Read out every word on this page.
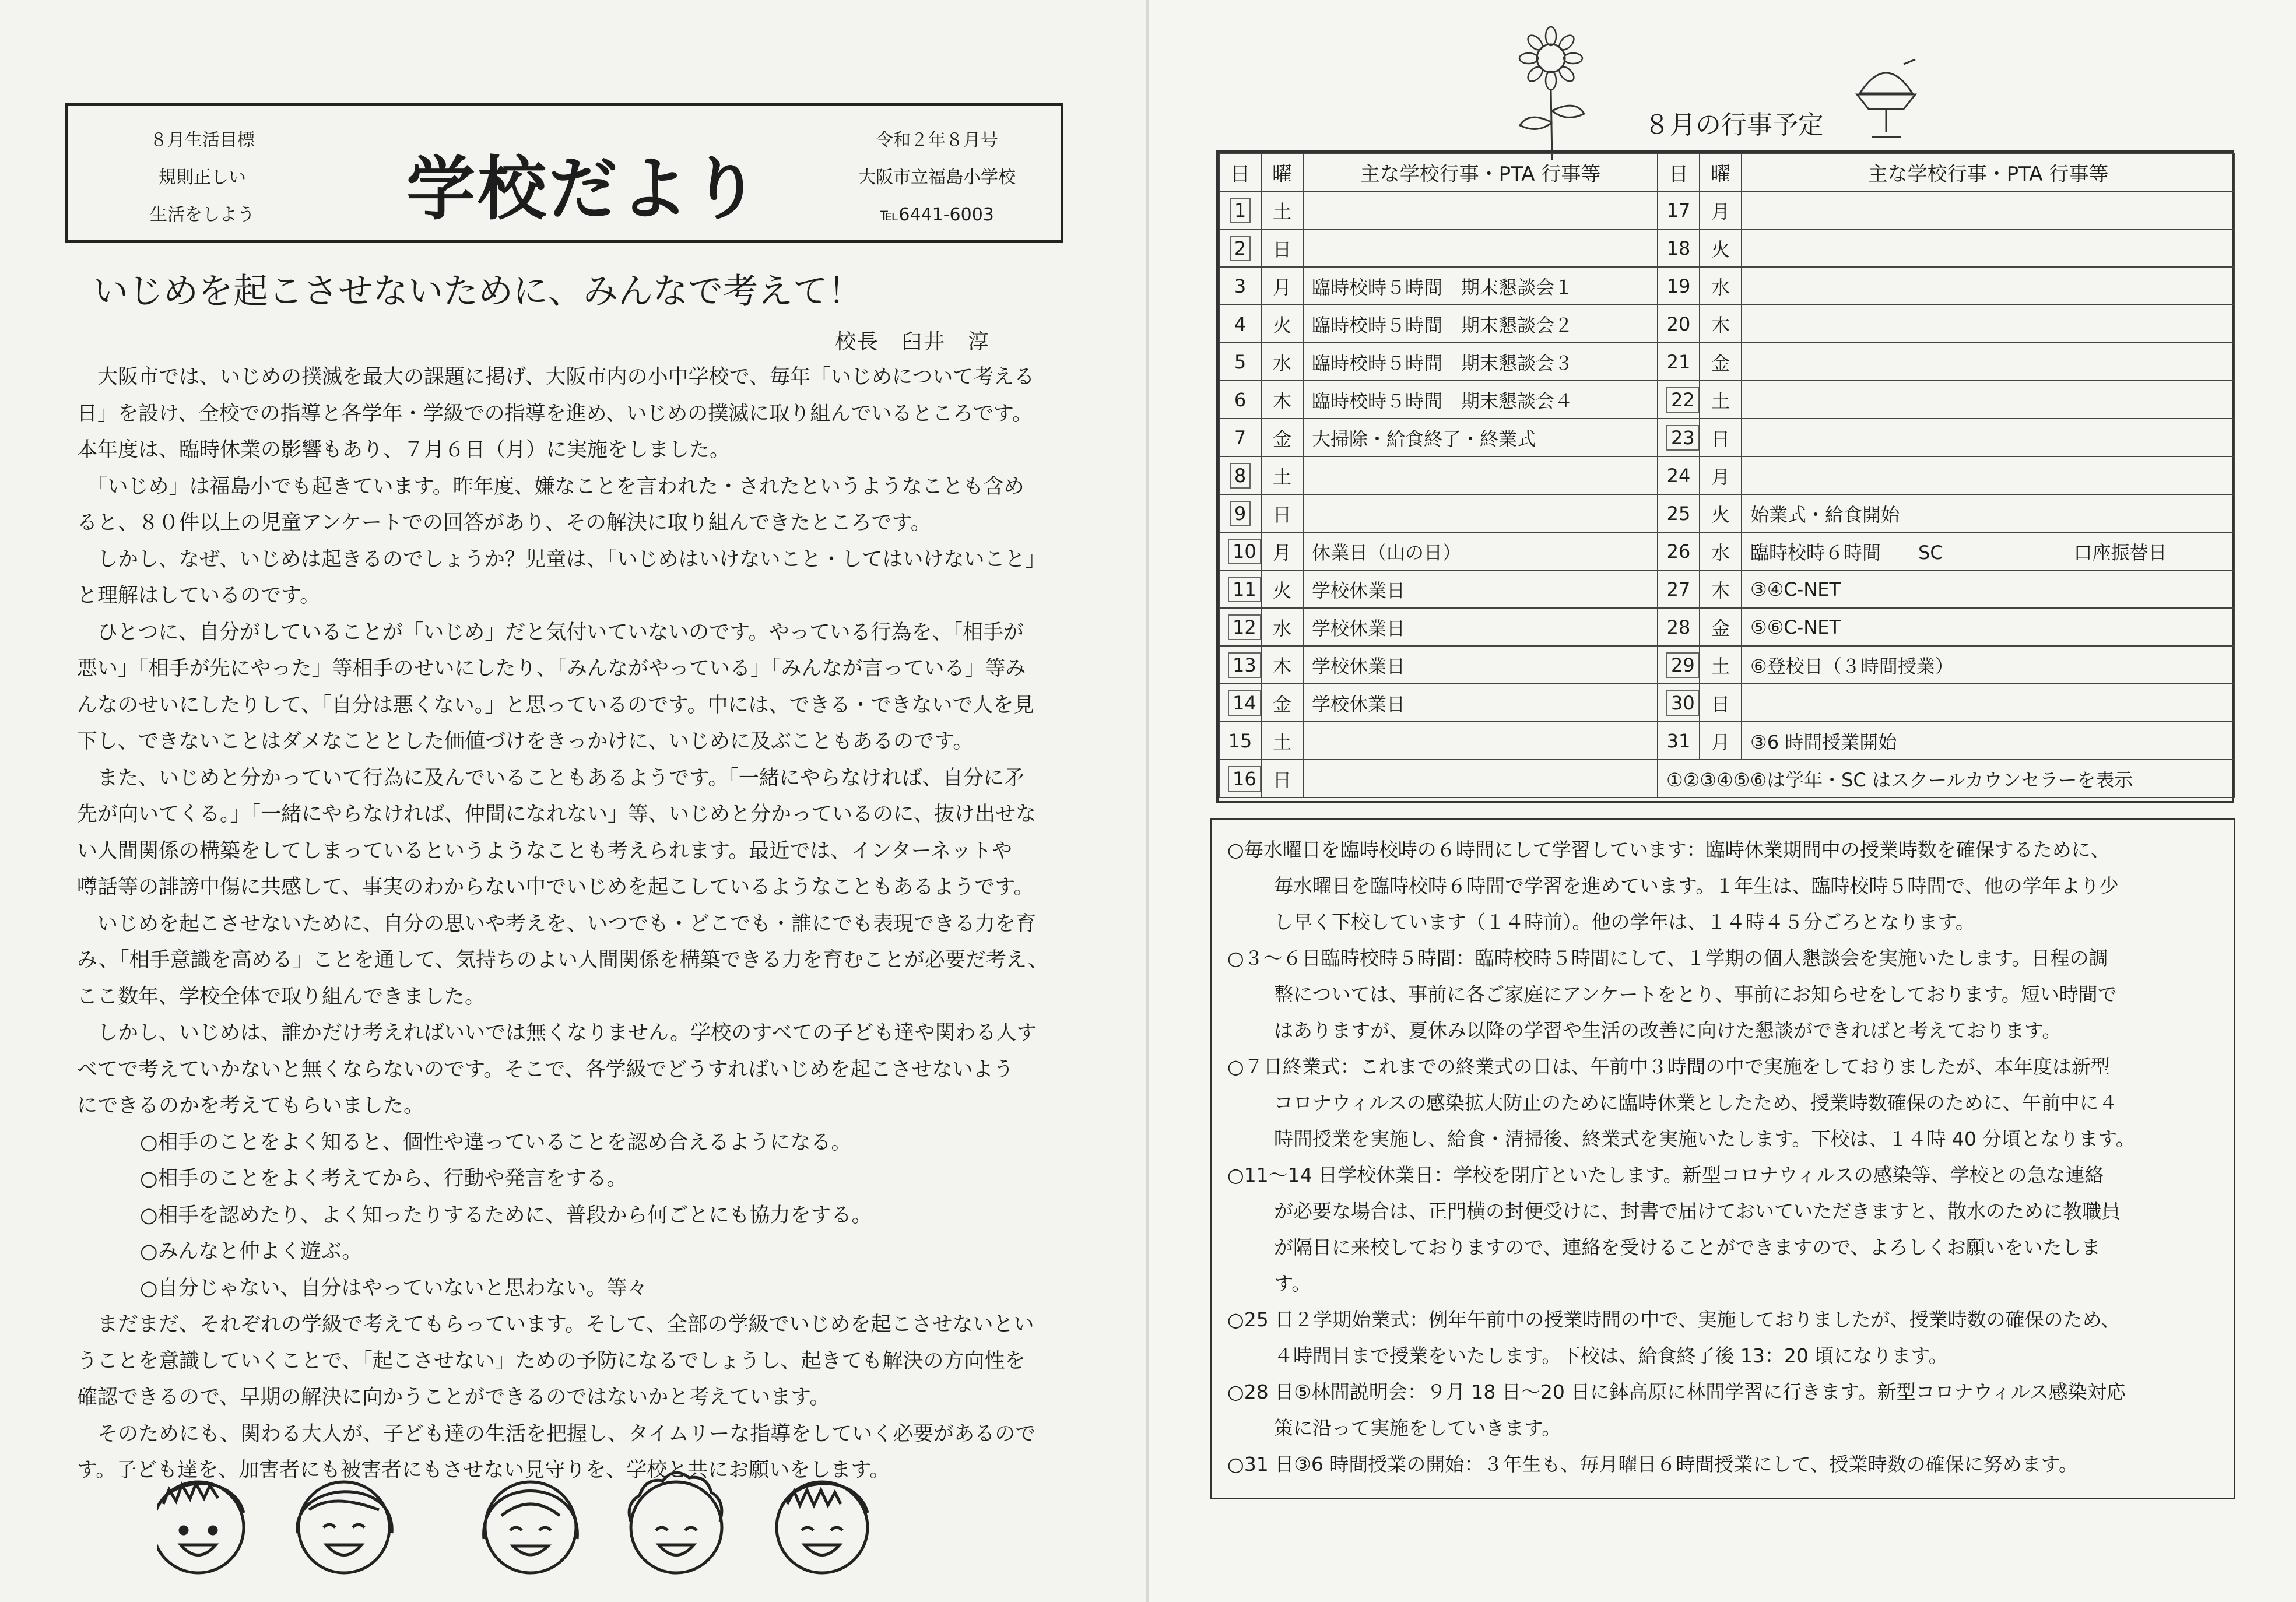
８月生活目標
規則正しい
生活をしよう	学校だより
令和２年８月号
大阪市立福島小学校
℡6441-6003
いじめを起こさせないために、みんなで考えて！
校長　臼井　淳
　大阪市では、いじめの撲滅を最大の課題に掲げ、大阪市内の小中学校で、毎年「いじめについて考える
日」を設け、全校での指導と各学年・学級での指導を進め、いじめの撲滅に取り組んでいるところです。
本年度は、臨時休業の影響もあり、７月６日（月）に実施をしました。
　「いじめ」は福島小でも起きています。昨年度、嫌なことを言われた・されたというようなことも含め
ると、８０件以上の児童アンケートでの回答があり、その解決に取り組んできたところです。
　しかし、なぜ、いじめは起きるのでしょうか？児童は、「いじめはいけないこと・してはいけないこと」
と理解はしているのです。
　ひとつに、自分がしていることが「いじめ」だと気付いていないのです。やっている行為を、「相手が
悪い」「相手が先にやった」等相手のせいにしたり、「みんながやっている」「みんなが言っている」等み
んなのせいにしたりして、「自分は悪くない。」と思っているのです。中には、できる・できないで人を見
下し、できないことはダメなこととした価値づけをきっかけに、いじめに及ぶこともあるのです。
　また、いじめと分かっていて行為に及んでいることもあるようです。「一緒にやらなければ、自分に矛
先が向いてくる。」「一緒にやらなければ、仲間になれない」等、いじめと分かっているのに、抜け出せな
い人間関係の構築をしてしまっているというようなことも考えられます。最近では、インターネットや
噂話等の誹謗中傷に共感して、事実のわからない中でいじめを起こしているようなこともあるようです。
　いじめを起こさせないために、自分の思いや考えを、いつでも・どこでも・誰にでも表現できる力を育
み、「相手意識を高める」ことを通して、気持ちのよい人間関係を構築できる力を育むことが必要だ考え、
ここ数年、学校全体で取り組んできました。
　しかし、いじめは、誰かだけ考えればいいでは無くなりません。学校のすべての子ども達や関わる人す
べてで考えていかないと無くならないのです。そこで、各学級でどうすればいじめを起こさせないよう
にできるのかを考えてもらいました。
○相手のことをよく知ると、個性や違っていることを認め合えるようになる。
○相手のことをよく考えてから、行動や発言をする。
○相手を認めたり、よく知ったりするために、普段から何ごとにも協力をする。
○みんなと仲よく遊ぶ。
○自分じゃない、自分はやっていないと思わない。等々
　まだまだ、それぞれの学級で考えてもらっています。そして、全部の学級でいじめを起こさせないとい
うことを意識していくことで、「起こさせない」ための予防になるでしょうし、起きても解決の方向性を
確認できるので、早期の解決に向かうことができるのではないかと考えています。
　そのためにも、関わる大人が、子ども達の生活を把握し、タイムリーな指導をしていく必要があるので
す。子ども達を、加害者にも被害者にもさせない見守りを、学校と共にお願いをします。
８月の行事予定
日	曜	主な学校行事・PTA 行事等	日	曜	主な学校行事・PTA 行事等
1	土		17	月	
2	日		18	火	
3	月	臨時校時５時間　期末懇談会１	19	水	
4	火	臨時校時５時間　期末懇談会２	20	木	
5	水	臨時校時５時間　期末懇談会３	21	金	
6	木	臨時校時５時間　期末懇談会４	22	土	
7	金	大掃除・給食終了・終業式	23	日	
8	土		24	月	
9	日		25	火	始業式・給食開始
10	月	休業日（山の日）	26	水	臨時校時６時間　　SC　　　　　　　口座振替日
11	火	学校休業日	27	木	③④C-NET
12	水	学校休業日	28	金	⑤⑥C-NET
13	木	学校休業日	29	土	⑥登校日（３時間授業）
14	金	学校休業日	30	日	
15	土		31	月	③6 時間授業開始
16	日		①②③④⑤⑥は学年・SC はスクールカウンセラーを表示		
○毎水曜日を臨時校時の６時間にして学習しています：臨時休業期間中の授業時数を確保するために、
毎水曜日を臨時校時６時間で学習を進めています。１年生は、臨時校時５時間で、他の学年より少
し早く下校しています（１４時前）。他の学年は、１４時４５分ごろとなります。
○３～６日臨時校時５時間：臨時校時５時間にして、１学期の個人懇談会を実施いたします。日程の調
整については、事前に各ご家庭にアンケートをとり、事前にお知らせをしております。短い時間で
はありますが、夏休み以降の学習や生活の改善に向けた懇談ができればと考えております。
○７日終業式：これまでの終業式の日は、午前中３時間の中で実施をしておりましたが、本年度は新型
コロナウィルスの感染拡大防止のために臨時休業としたため、授業時数確保のために、午前中に４
時間授業を実施し、給食・清掃後、終業式を実施いたします。下校は、１４時 40 分頃となります。
○11～14 日学校休業日：学校を閉庁といたします。新型コロナウィルスの感染等、学校との急な連絡
が必要な場合は、正門横の封便受けに、封書で届けておいていただきますと、散水のために教職員
が隔日に来校しておりますので、連絡を受けることができますので、よろしくお願いをいたしま
す。
○25 日２学期始業式：例年午前中の授業時間の中で、実施しておりましたが、授業時数の確保のため、
４時間目まで授業をいたします。下校は、給食終了後 13：20 頃になります。
○28 日⑤林間説明会：９月 18 日～20 日に鉢高原に林間学習に行きます。新型コロナウィルス感染対応
策に沿って実施をしていきます。
○31 日③6 時間授業の開始：３年生も、毎月曜日６時間授業にして、授業時数の確保に努めます。
